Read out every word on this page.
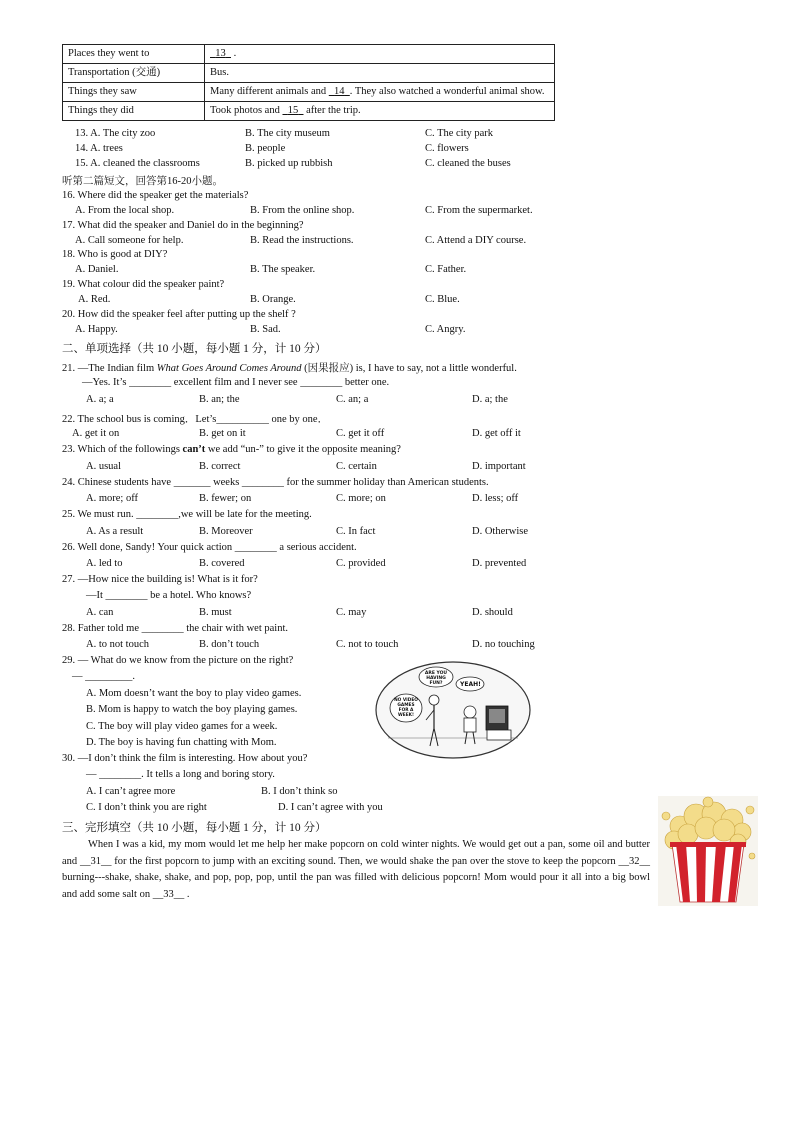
Places they went to	13   .
Transportation (交通)	Bus.
Things they saw	Many different animals and   14 . They also watched a wonderful animal show.
Things they did	Took photos and   15   after the trip.
13. A. The city zoo	B. The city museum	C. The city park
14. A. trees	B. people	C. flowers
15. A. cleaned the classrooms	B. picked up rubbish	C. cleaned the buses
听第二篇短文，回答第16-20小题。
16. Where did the speaker get the materials?
A. From the local shop.	B. From the online shop.	C. From the supermarket.
17. What did the speaker and Daniel do in the beginning?
A. Call someone for help.	B. Read the instructions.	C. Attend a DIY course.
18. Who is good at DIY?
A. Daniel.	B. The speaker.	C. Father.
19. What colour did the speaker paint?
A. Red.	B. Orange.	C. Blue.
20. How did the speaker feel after putting up the shelf ?
A. Happy.	B. Sad.	C. Angry.
二、单项选择（共 10 小题，每小题 1 分，计 10 分）
21. —The Indian film What Goes Around Comes Around (因果报应) is, I have to say, not a little wonderful.
—Yes. It’s ________ excellent film and I never see ________ better one.
A. a; a	B. an; the	C. an; a	D. a; the
22. The school bus is coming．Let’s__________ one by one．
A. get it on	B. get on it	C. get it off	D. get off it
23. Which of the followings can’t we add “un-” to give it the opposite meaning?
A. usual	B. correct	C. certain	D. important
24. Chinese students have _______ weeks ________ for the summer holiday than American students.
A. more; off	B. fewer; on	C. more; on	D. less; off
25. We must run. ________,we will be late for the meeting.
A. As a result	B. Moreover	C. In fact	D. Otherwise
26. Well done, Sandy! Your quick action ________ a serious accident.
A. led to	B. covered	C. provided	D. prevented
27. —How nice the building is! What is it for?
—It ________ be a hotel. Who knows?
A. can	B. must	C. may	D. should
28. Father told me ________ the chair with wet paint.
A. to not touch	B. don’t touch	C. not to touch	D. no touching
29. — What do we know from the picture on the right?
— _________.
A. Mom doesn’t want the boy to play video games.
B. Mom is happy to watch the boy playing games.
C. The boy will play video games for a week.
D. The boy is having fun chatting with Mom.
ARE YOU HAVING FUN?	YEAH!
NO VIDEO GAMES FOR A WEEK!
30. —I don’t think the film is interesting. How about you?
— ________. It tells a long and boring story.
A. I can’t agree more	B. I don’t think so
C. I don’t think you are right	D. I can’t agree with you
三、完形填空（共 10 小题，每小题 1 分，计 10 分）
When I was a kid, my mom would let me help her make popcorn on cold winter nights. We would get out a pan, some oil and butter and __31__ for the first popcorn to jump with an exciting sound. Then, we would shake the pan over the stove to keep the popcorn __32__ burning---shake, shake, shake, and pop, pop, pop, until the pan was filled with delicious popcorn! Mom would pour it all into a big bowl and add some salt on __33__ .
